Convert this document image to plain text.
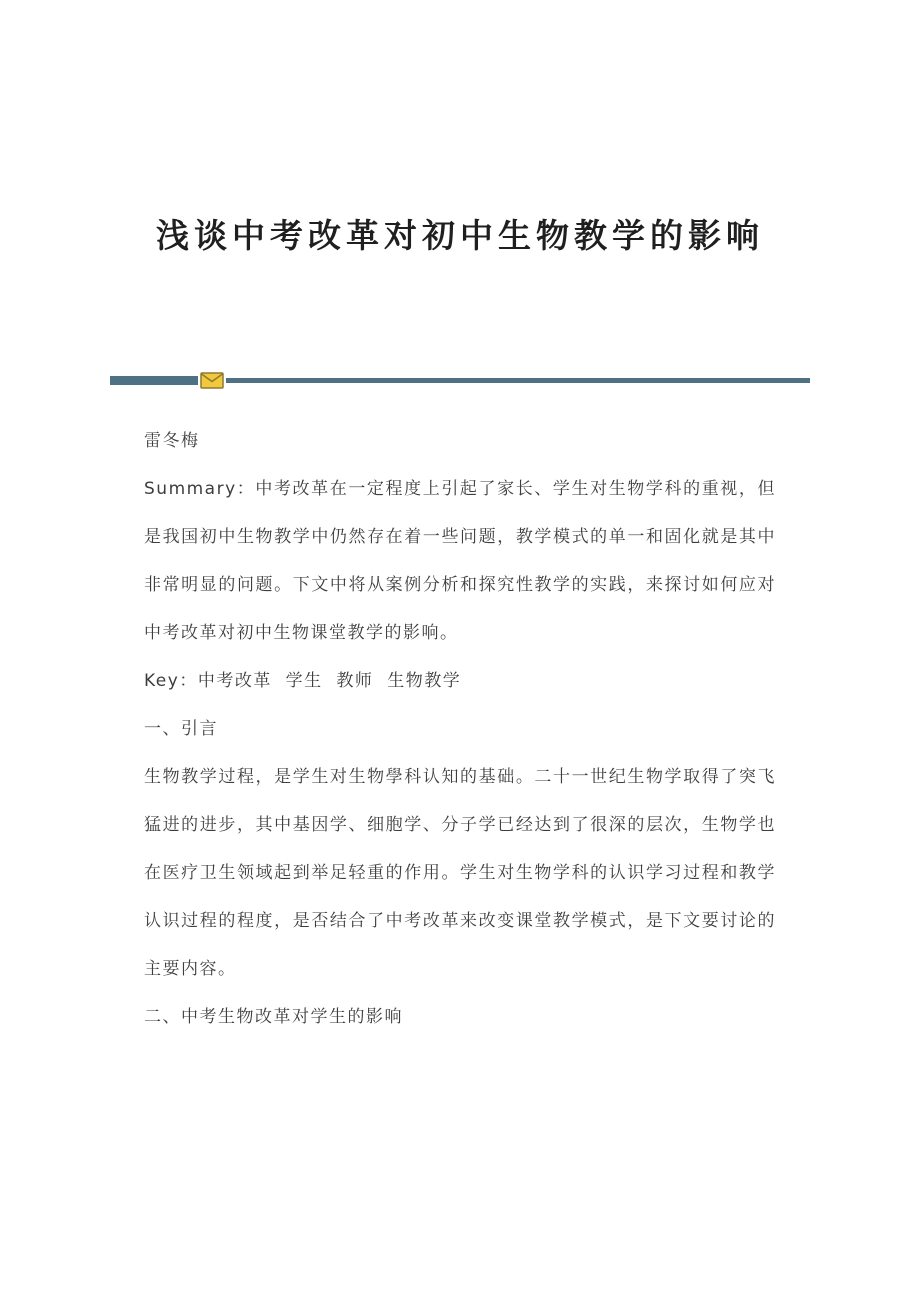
浅谈中考改革对初中生物教学的影响

雷冬梅

Summary：中考改革在一定程度上引起了家长、学生对生物学科的重视，但是我国初中生物教学中仍然存在着一些问题，教学模式的单一和固化就是其中非常明显的问题。下文中将从案例分析和探究性教学的实践，来探讨如何应对中考改革对初中生物课堂教学的影响。

Key：中考改革  学生  教师  生物教学

一、引言

生物教学过程，是学生对生物學科认知的基础。二十一世纪生物学取得了突飞猛进的进步，其中基因学、细胞学、分子学已经达到了很深的层次，生物学也在医疗卫生领域起到举足轻重的作用。学生对生物学科的认识学习过程和教学认识过程的程度，是否结合了中考改革来改变课堂教学模式，是下文要讨论的主要内容。

二、中考生物改革对学生的影响
